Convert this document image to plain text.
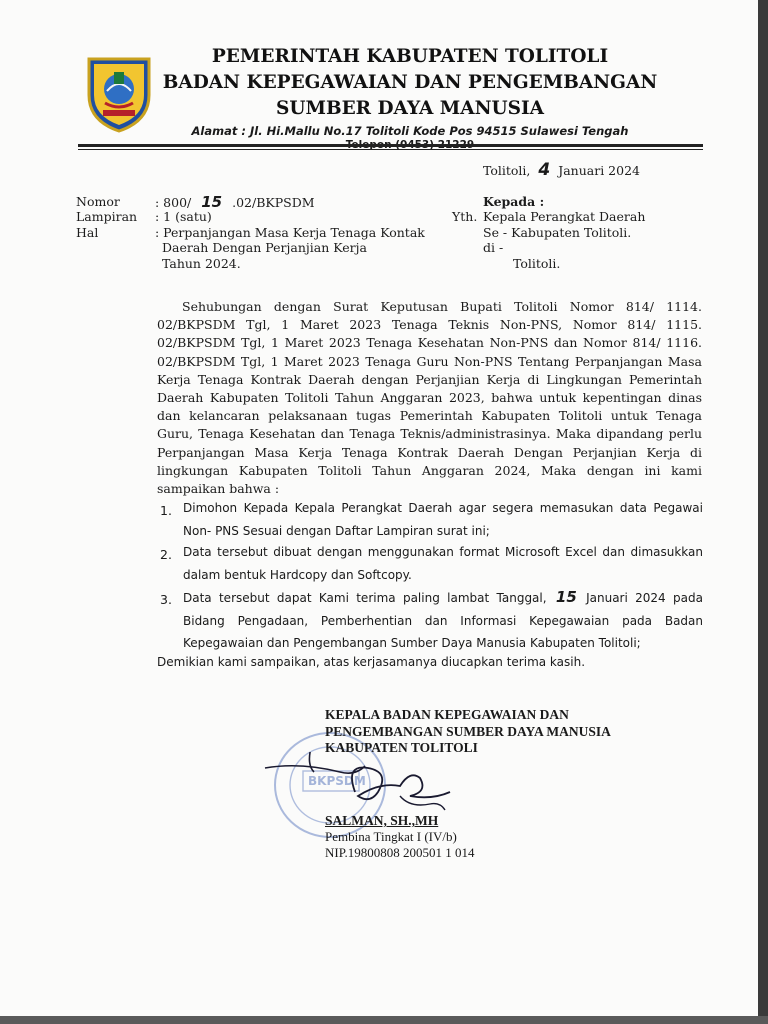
PEMERINTAH KABUPATEN TOLITOLI
BADAN KEPEGAWAIAN DAN PENGEMBANGAN
SUMBER DAYA MANUSIA
Alamat : Jl. Hi.Mallu No.17 Tolitoli Kode Pos 94515 Sulawesi Tengah
Tolitoli, 4 Januari 2024
Nomor	: 800/ 15 .02/BKPSDM
Lampiran : 1 (satu)
Hal	: Perpanjangan Masa Kerja Tenaga Kontak
Daerah Dengan Perjanjian Kerja
Tahun 2024.
Kepada :
Yth. Kepala Perangkat Daerah
Se - Kabupaten Tolitoli.
di -
Tolitoli.

Sehubungan dengan Surat Keputusan Bupati Tolitoli Nomor 814/ 1114. 02/BKPSDM Tgl, 1 Maret 2023 Tenaga Teknis Non-PNS, Nomor 814/ 1115. 02/BKPSDM Tgl, 1 Maret 2023 Tenaga Kesehatan Non-PNS dan Nomor 814/ 1116. 02/BKPSDM Tgl, 1 Maret 2023 Tenaga Guru Non-PNS Tentang Perpanjangan Masa Kerja Tenaga Kontrak Daerah dengan Perjanjian Kerja di Lingkungan Pemerintah Daerah Kabupaten Tolitoli Tahun Anggaran 2023, bahwa untuk kepentingan dinas dan kelancaran pelaksanaan tugas Pemerintah Kabupaten Tolitoli untuk Tenaga Guru, Tenaga Kesehatan dan Tenaga Teknis/administrasinya. Maka dipandang perlu Perpanjangan Masa Kerja Tenaga Kontrak Daerah Dengan Perjanjian Kerja di lingkungan Kabupaten Tolitoli Tahun Anggaran 2024, Maka dengan ini kami sampaikan bahwa :

1. Dimohon Kepada Kepala Perangkat Daerah agar segera memasukan data Pegawai Non- PNS Sesuai dengan Daftar Lampiran surat ini;
2. Data tersebut dibuat dengan menggunakan format Microsoft Excel dan dimasukkan dalam bentuk Hardcopy dan Softcopy.
3. Data tersebut dapat Kami terima paling lambat Tanggal, 15 Januari 2024 pada Bidang Pengadaan, Pemberhentian dan Informasi Kepegawaian pada Badan Kepegawaian dan Pengembangan Sumber Daya Manusia Kabupaten Tolitoli;
Demikian kami sampaikan, atas kerjasamanya diucapkan terima kasih.
BKPSDM
KEPALA BADAN KEPEGAWAIAN DAN
PENGEMBANGAN SUMBER DAYA MANUSIA
KABUPATEN TOLITOLI
SALMAN, SH.,MH
Pembina Tingkat I (IV/b)
NIP.19800808 200501 1 014
